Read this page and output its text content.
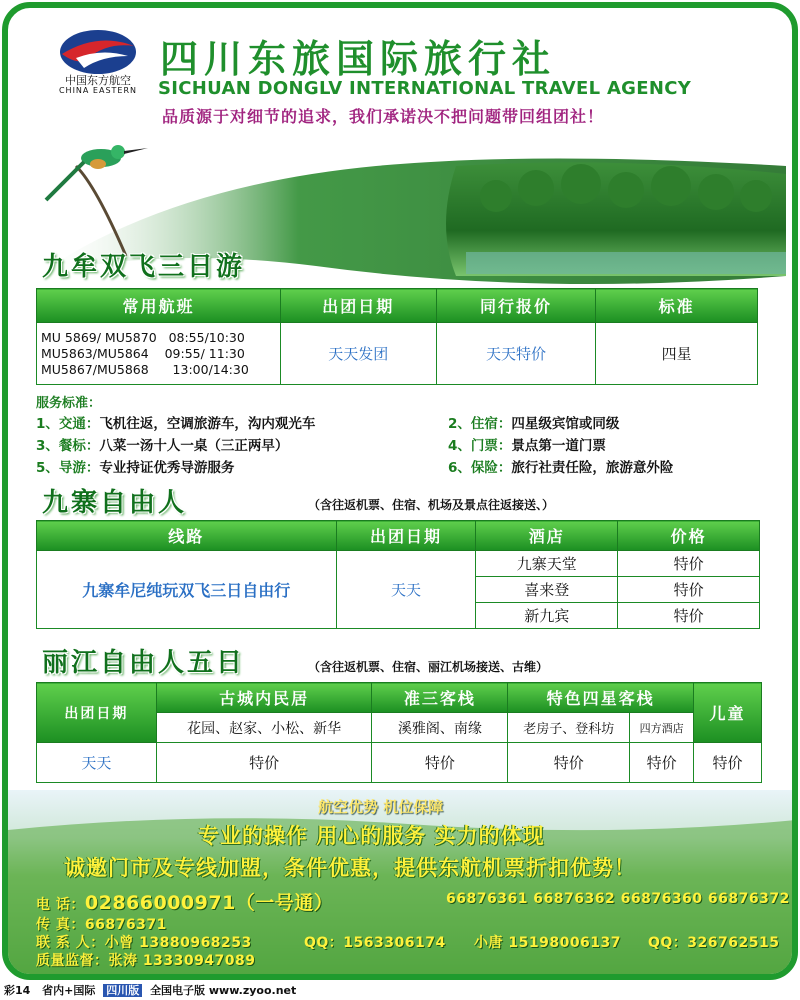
中国东方航空
CHINA EASTERN
四川东旅国际旅行社
SICHUAN DONGLV INTERNATIONAL TRAVEL AGENCY
品质源于对细节的追求，我们承诺决不把问题带回组团社！
九牟双飞三日游
常用航班	出团日期	同行报价	标准

MU 5869/ MU5870   08:55/10:30
MU5863/MU5864    09:55/ 11:30
MU5867/MU5868      13:00/14:30	天天发团	天天特价	四星
服务标准：
1、交通：飞机往返，空调旅游车，沟内观光车	2、住宿：四星级宾馆或同级
3、餐标：八菜一汤十人一桌（三正两早）	4、门票：景点第一道门票
5、导游：专业持证优秀导游服务	6、保险：旅行社责任险，旅游意外险
九寨自由人	（含往返机票、住宿、机场及景点往返接送、）
线路	出团日期	酒店	价格
九寨牟尼纯玩双飞三日自由行	天天	九寨天堂	特价
		喜来登	特价
		新九宾	特价
丽江自由人五日	（含往返机票、住宿、丽江机场接送、古维）
出团日期	古城内民居	准三客栈	特色四星客栈		儿童
	花园、赵家、小松、新华	溪雅阁、南缘	老房子、登科坊	四方酒店	
天天	特价	特价	特价	特价	特价
航空优势 机位保障
专业的操作 用心的服务 实力的体现
诚邀门市及专线加盟，条件优惠，提供东航机票折扣优势！
电 话：02866000971（一号通）	66876361 66876362 66876360 66876372
传 真：66876371
联 系 人：小曾 13880968253	QQ：1563306174 小唐 15198006137 QQ：326762515
质量监督：张涛 13330947089
彩14 省内+国际 四川版 全国电子版 www.zyoo.net
